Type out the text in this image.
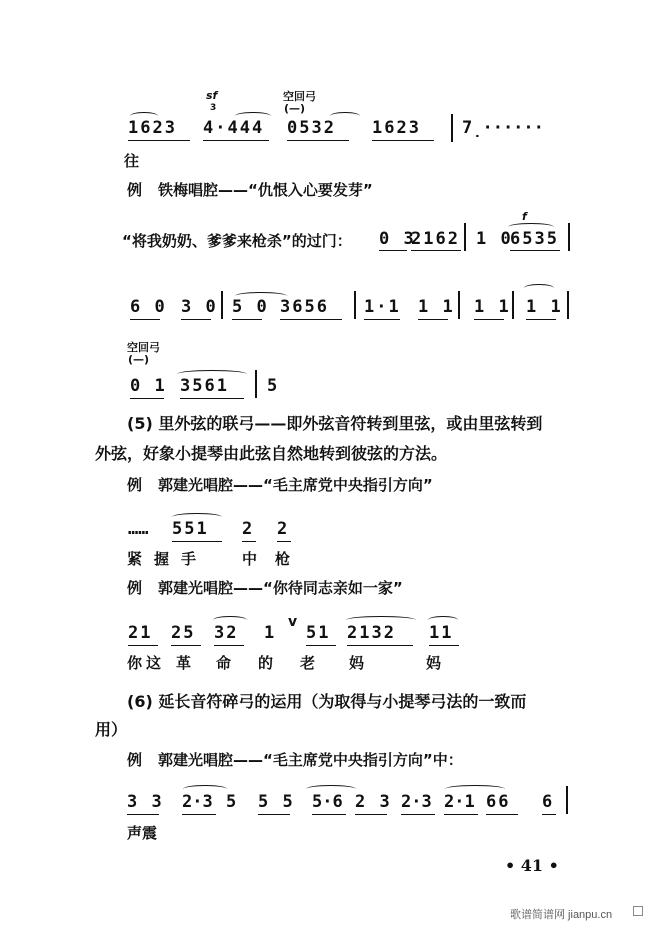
空回弓
(—)
sf
3
1623 4·444 0532 1623 7̣······
往
例 铁梅唱腔——“仇恨入心要发芽”
“将我奶奶、爹爹来枪杀”的过门：
f
0 3
2162 1 0
6535
6 0 3 0 5 0 3656 1·1 1 1 1 1 1 1
空回弓
(—)
0 1 3561 5
(5) 里外弦的联弓——即外弦音符转到里弦，或由里弦转到
外弦，好象小提琴由此弦自然地转到彼弦的方法。
例 郭建光唱腔——“毛主席党中央指引方向”
…… 551 2 2
紧握手 中
枪
例 郭建光唱腔——“你待同志亲如一家”
21 25 32 1
v
51 2132 11
你这 革 命 的 老 妈	妈
(6) 延长音符碎弓的运用（为取得与小提琴弓法的一致而
用）
例 郭建光唱腔——“毛主席党中央指引方向”中：
3 3 2·3 5 5 5 5·6 2 3 2·3 2·1 66 6
声震
• 41 •
歌谱简谱网 jianpu.cn
